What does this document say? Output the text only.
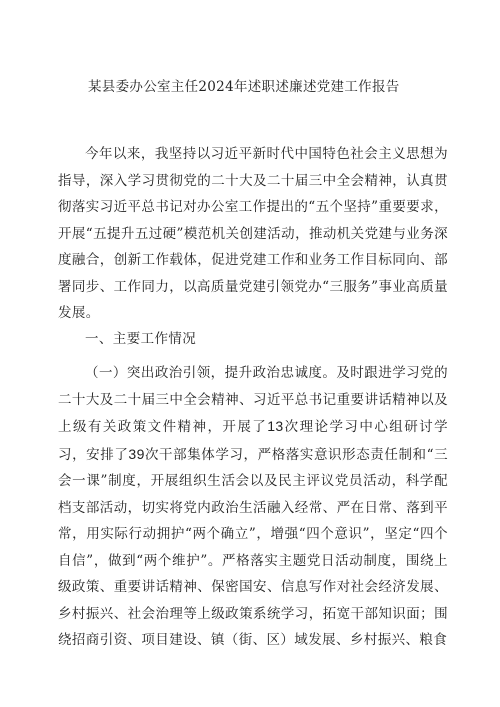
某县委办公室主任2024年述职述廉述党建工作报告

今年以来，我坚持以习近平新时代中国特色社会主义思想为指导，深入学习贯彻党的二十大及二十届三中全会精神，认真贯彻落实习近平总书记对办公室工作提出的“五个坚持”重要要求，开展“五提升五过硬”模范机关创建活动，推动机关党建与业务深度融合，创新工作载体，促进党建工作和业务工作目标同向、部署同步、工作同力，以高质量党建引领党办“三服务”事业高质量发展。

一、主要工作情况

（一）突出政治引领，提升政治忠诚度。及时跟进学习党的二十大及二十届三中全会精神、习近平总书记重要讲话精神以及上级有关政策文件精神，开展了13次理论学习中心组研讨学习，安排了39次干部集体学习，严格落实意识形态责任制和“三会一课”制度，开展组织生活会以及民主评议党员活动，科学配档支部活动，切实将党内政治生活融入经常、严在日常、落到平常，用实际行动拥护“两个确立”，增强“四个意识”，坚定“四个自信”，做到“两个维护”。严格落实主题党日活动制度，围绕上级政策、重要讲话精神、保密国安、信息写作对社会经济发展、乡村振兴、社会治理等上级政策系统学习，拓宽干部知识面；围绕招商引资、项目建设、镇（街、区）域发展、乡村振兴、粮食
